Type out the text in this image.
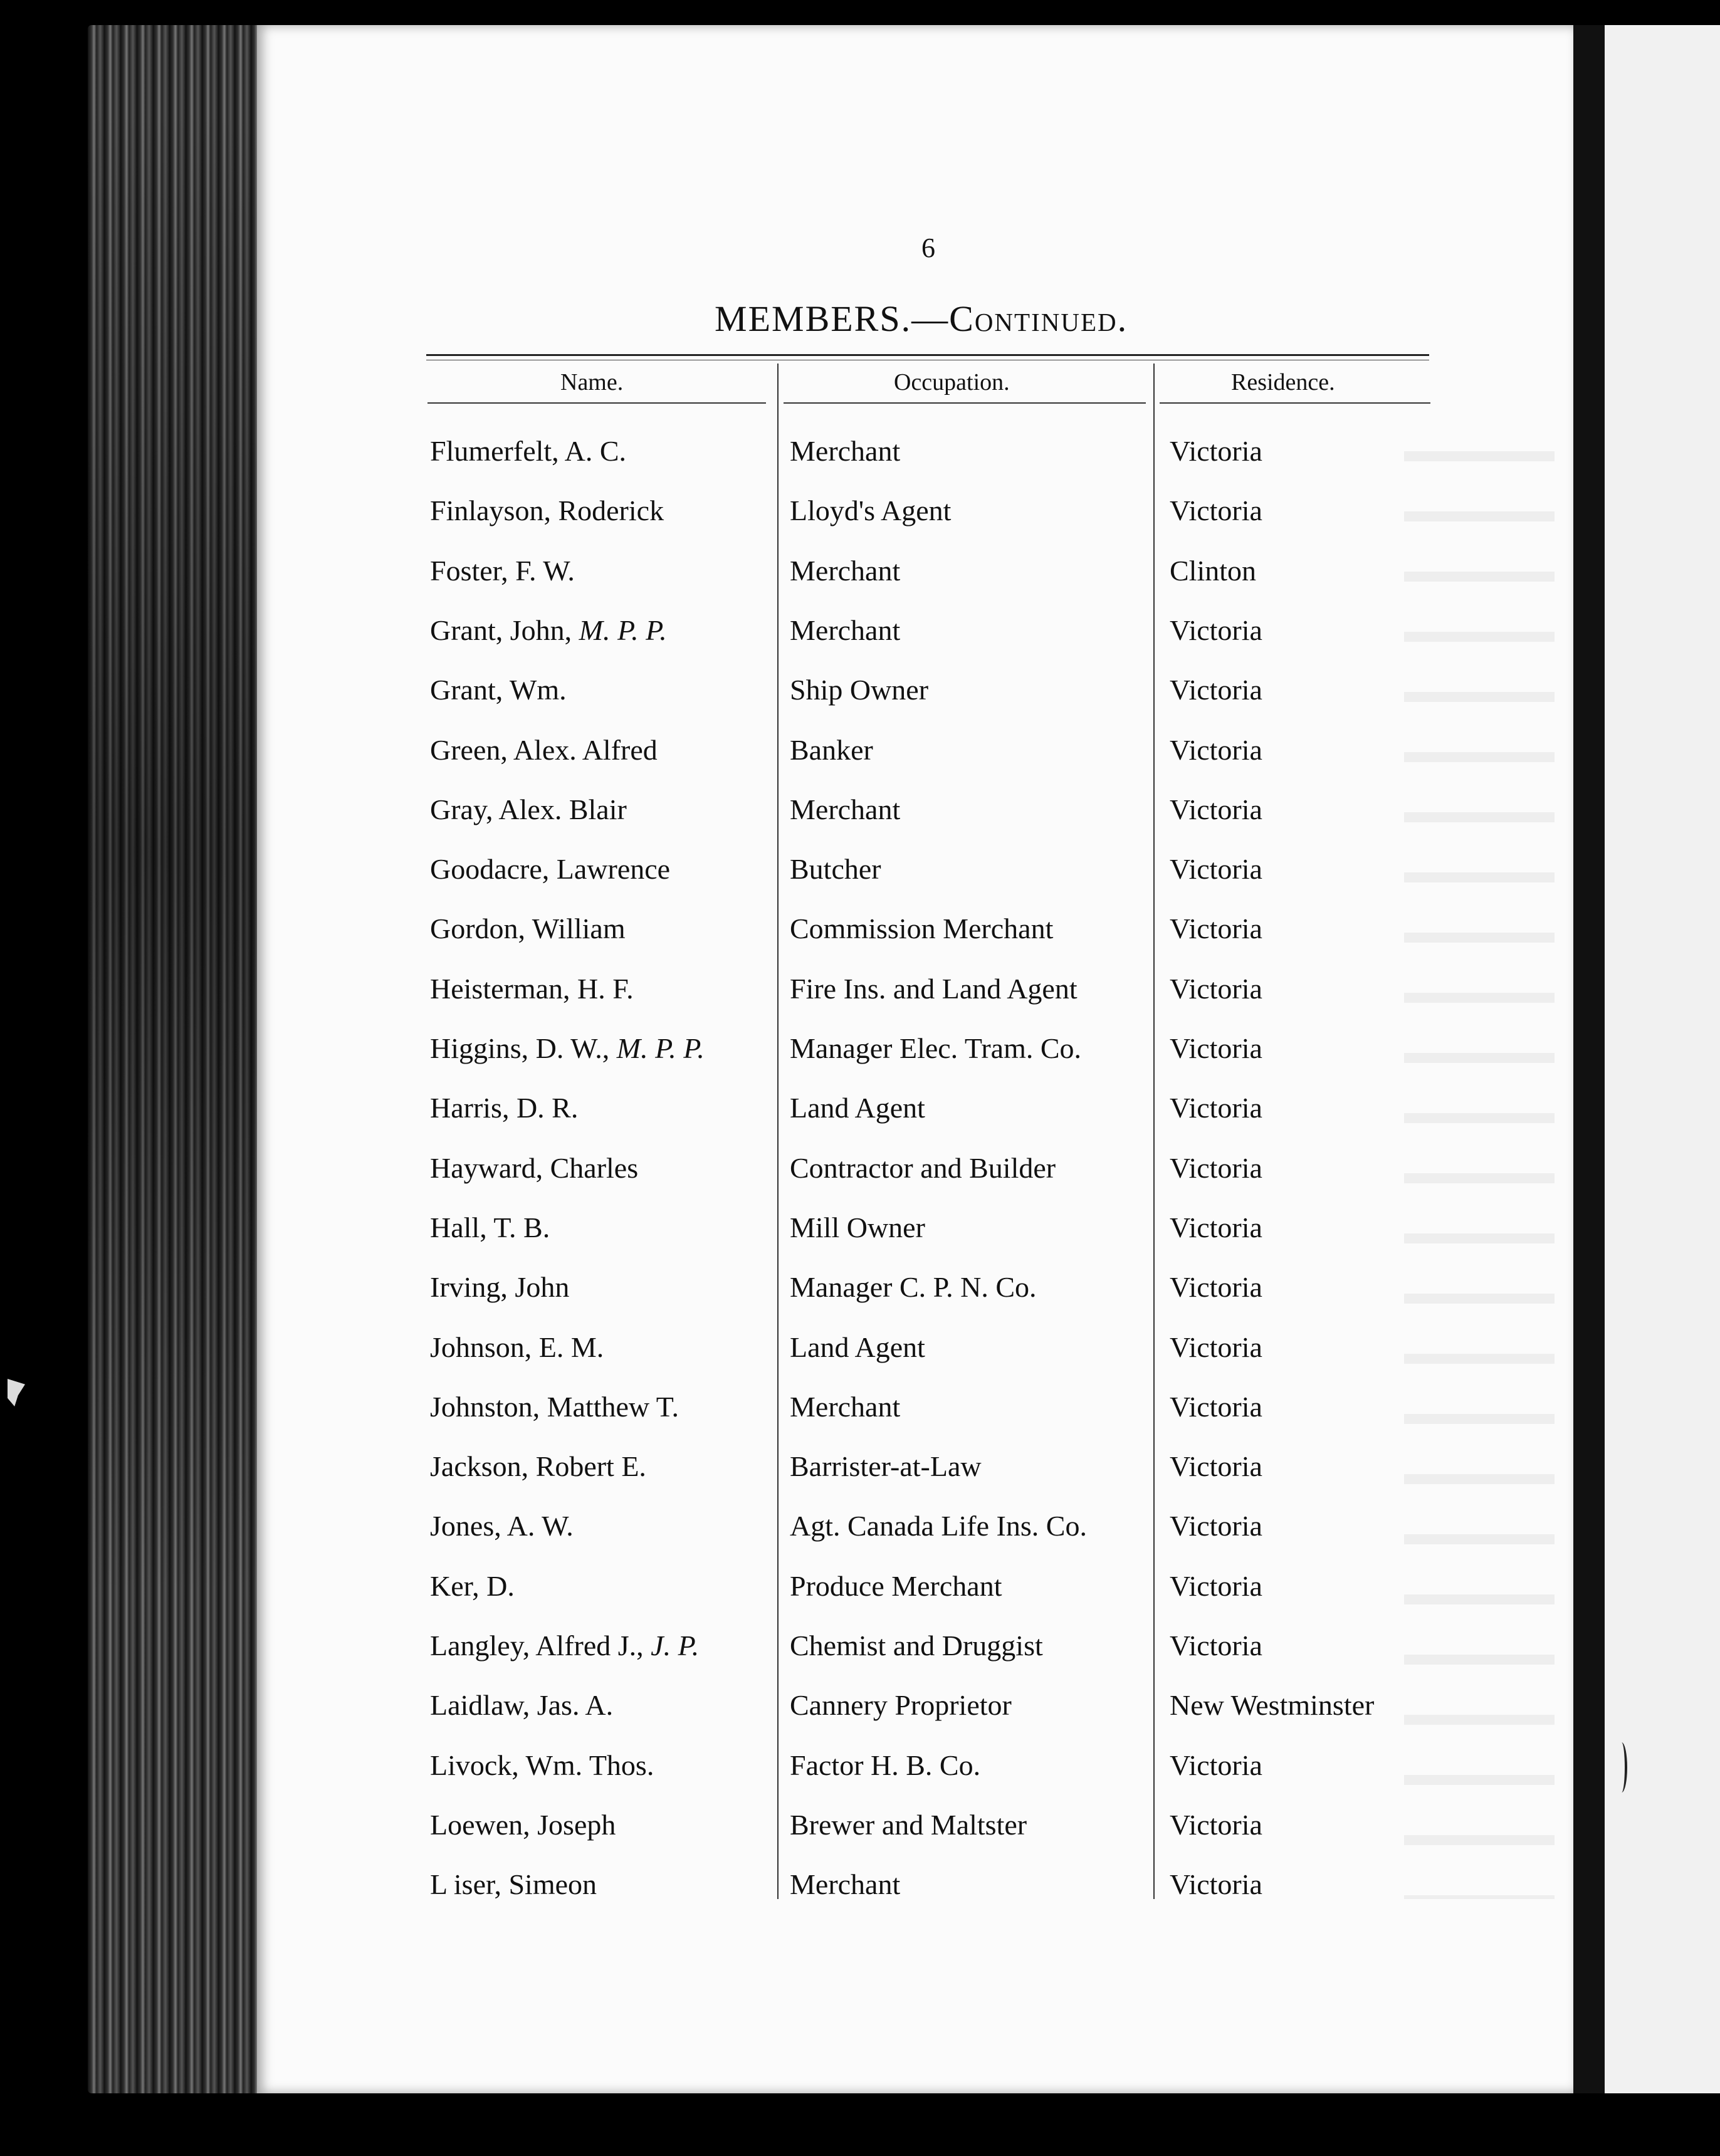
6
MEMBERS.—Continued.
Name.	Occupation.	Residence.
Flumerfelt, A. C.	Merchant	Victoria
Finlayson, Roderick	Lloyd's Agent	Victoria
Foster, F. W.	Merchant	Clinton
Grant, John, M. P. P.	Merchant	Victoria
Grant, Wm.	Ship Owner	Victoria
Green, Alex. Alfred	Banker	Victoria
Gray, Alex. Blair	Merchant	Victoria
Goodacre, Lawrence	Butcher	Victoria
Gordon, William	Commission Merchant	Victoria
Heisterman, H. F.	Fire Ins. and Land Agent	Victoria
Higgins, D. W., M. P. P.	Manager Elec. Tram. Co.	Victoria
Harris, D. R.	Land Agent	Victoria
Hayward, Charles	Contractor and Builder	Victoria
Hall, T. B.	Mill Owner	Victoria
Irving, John	Manager C. P. N. Co.	Victoria
Johnson, E. M.	Land Agent	Victoria
Johnston, Matthew T.	Merchant	Victoria
Jackson, Robert E.	Barrister-at-Law	Victoria
Jones, A. W.	Agt. Canada Life Ins. Co.	Victoria
Ker, D.	Produce Merchant	Victoria
Langley, Alfred J., J. P.	Chemist and Druggist	Victoria
Laidlaw, Jas. A.	Cannery Proprietor	New Westminster
Livock, Wm. Thos.	Factor H. B. Co.	Victoria
Loewen, Joseph	Brewer and Maltster	Victoria
L iser, Simeon	Merchant	Victoria
